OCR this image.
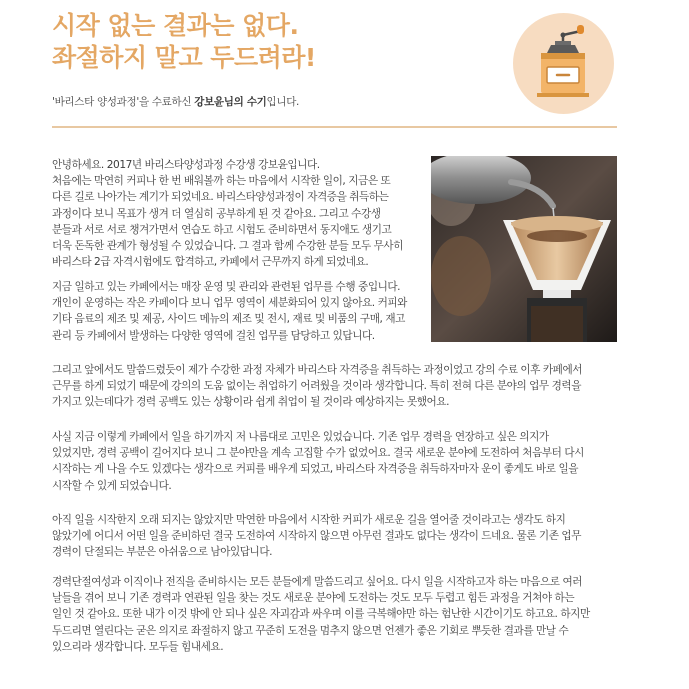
시작 없는 결과는 없다.
좌절하지 말고 두드려라!
'바리스타 양성과정'을 수료하신 강보윤님의 수기입니다.

안녕하세요. 2017년 바리스타양성과정 수강생 강보윤입니다.
처음에는 막연히 커피나 한 번 배워볼까 하는 마음에서 시작한 일이, 지금은 또
다른 길로 나아가는 계기가 되었네요. 바리스타양성과정이 자격증을 취득하는
과정이다 보니 목표가 생겨 더 열심히 공부하게 된 것 같아요. 그리고 수강생
분들과 서로 서로 챙겨가면서 연습도 하고 시험도 준비하면서 동지애도 생기고
더욱 돈독한 관계가 형성될 수 있었습니다. 그 결과 함께 수강한 분들 모두 무사히
바리스타 2급 자격시험에도 합격하고, 카페에서 근무까지 하게 되었네요.

지금 일하고 있는 카페에서는 매장 운영 및 관리와 관련된 업무를 수행 중입니다.
개인이 운영하는 작은 카페이다 보니 업무 영역이 세분화되어 있지 않아요. 커피와
기타 음료의 제조 및 제공, 사이드 메뉴의 제조 및 전시, 재료 및 비품의 구매, 재고
관리 등 카페에서 발생하는 다양한 영역에 걸친 업무를 담당하고 있답니다.

그리고 앞에서도 말씀드렸듯이 제가 수강한 과정 자체가 바리스타 자격증을 취득하는 과정이었고 강의 수료 이후 카페에서
근무를 하게 되었기 때문에 강의의 도움 없이는 취업하기 어려웠을 것이라 생각합니다. 특히 전혀 다른 분야의 업무 경력을
가지고 있는데다가 경력 공백도 있는 상황이라 쉽게 취업이 될 것이라 예상하지는 못했어요.

사실 지금 이렇게 카페에서 일을 하기까지 저 나름대로 고민은 있었습니다. 기존 업무 경력을 연장하고 싶은 의지가
있었지만, 경력 공백이 길어지다 보니 그 분야만을 계속 고집할 수가 없었어요. 결국 새로운 분야에 도전하여 처음부터 다시
시작하는 게 나을 수도 있겠다는 생각으로 커피를 배우게 되었고, 바리스타 자격증을 취득하자마자 운이 좋게도 바로 일을
시작할 수 있게 되었습니다.

아직 일을 시작한지 오래 되지는 않았지만 막연한 마음에서 시작한 커피가 새로운 길을 열어줄 것이라고는 생각도 하지
않았기에 어디서 어떤 일을 준비하던 결국 도전하여 시작하지 않으면 아무런 결과도 없다는 생각이 드네요. 물론 기존 업무
경력이 단절되는 부분은 아쉬움으로 남아있답니다.

경력단절여성과 이직이나 전직을 준비하시는 모든 분들에게 말씀드리고 싶어요. 다시 일을 시작하고자 하는 마음으로 여러
날들을 겪어 보니 기존 경력과 연관된 일을 찾는 것도 새로운 분야에 도전하는 것도 모두 두렵고 힘든 과정을 거쳐야 하는
일인 것 같아요. 또한 내가 이것 밖에 안 되나 싶은 자괴감과 싸우며 이를 극복해야만 하는 험난한 시간이기도 하고요. 하지만
두드리면 열린다는 굳은 의지로 좌절하지 않고 꾸준히 도전을 멈추지 않으면 언젠가 좋은 기회로 뿌듯한 결과를 만날 수
있으리라 생각합니다. 모두들 힘내세요.
